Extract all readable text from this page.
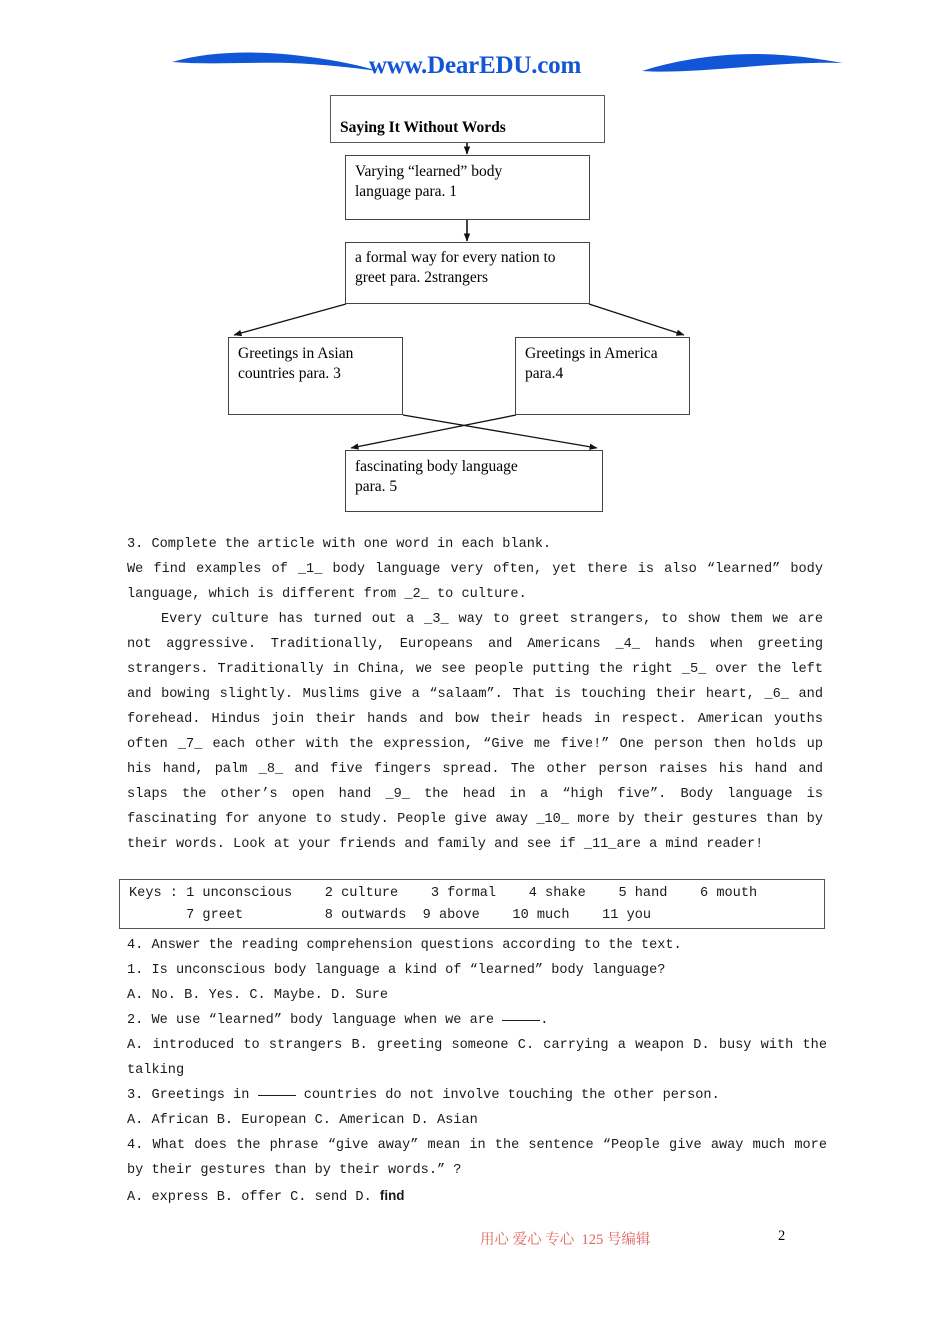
www.DearEDU.com
Saying It Without Words
Varying “learned” body
language para. 1
a formal way for every nation to
greet para. 2strangers
Greetings in Asian
countries para. 3
Greetings in America
para.4
fascinating body language
para. 5
3. Complete the article with one word in each blank.
We find examples of _1_ body language very often, yet there is also “learned” body language, which is different from _2_ to culture.
Every culture has turned out a _3_ way to greet strangers, to show them we are not aggressive. Traditionally, Europeans and Americans _4_ hands when greeting strangers. Traditionally in China, we see people putting the right _5_ over the left and bowing slightly. Muslims give a “salaam”. That is touching their heart, _6_ and forehead. Hindus join their hands and bow their heads in respect. American youths often _7_ each other with the expression, “Give me five!” One person then holds up his hand, palm _8_ and five fingers spread. The other person raises his hand and slaps the other’s open hand _9_ the head in a “high five”. Body language is fascinating for anyone to study. People give away _10_ more by their gestures than by their words. Look at your friends and family and see if _11_are a mind reader!
Keys : 1 unconscious    2 culture    3 formal    4 shake    5 hand    6 mouth
7 greet          8 outwards  9 above    10 much    11 you
4. Answer the reading comprehension questions according to the text.
1. Is unconscious body language a kind of “learned” body language?
A. No. B. Yes. C. Maybe. D. Sure
2. We use “learned” body language when we are	.
A. introduced to strangers B. greeting someone C. carrying a weapon D. busy with the talking
3. Greetings in	countries do not involve touching the other person.
A. African B. European C. American D. Asian
4. What does the phrase “give away” mean in the sentence “People give away much more by their gestures than by their words.” ?
A. express B. offer C. send D. find
用心 爱心 专心  125 号编辑	2
